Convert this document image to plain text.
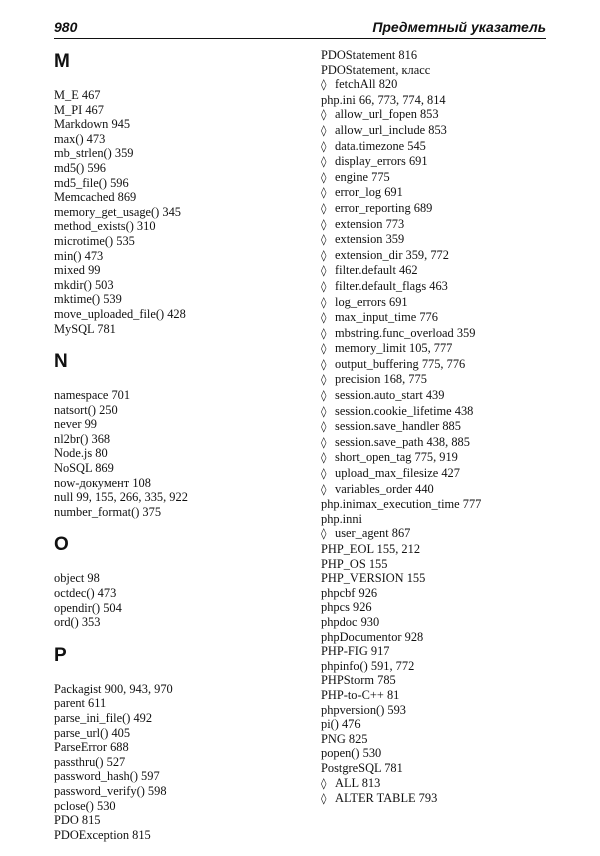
980	Предметный указатель
M
M_E 467
M_PI 467
Markdown 945
max() 473
mb_strlen() 359
md5() 596
md5_file() 596
Memcached 869
memory_get_usage() 345
method_exists() 310
microtime() 535
min() 473
mixed 99
mkdir() 503
mktime() 539
move_uploaded_file() 428
MySQL 781
N
namespace 701
natsort() 250
never 99
nl2br() 368
Node.js 80
NoSQL 869
now-документ 108
null 99, 155, 266, 335, 922
number_format() 375
O
object 98
octdec() 473
opendir() 504
ord() 353
P
Packagist 900, 943, 970
parent 611
parse_ini_file() 492
parse_url() 405
ParseError 688
passthru() 527
password_hash() 597
password_verify() 598
pclose() 530
PDO 815
PDOException 815
PDOStatement 816
PDOStatement, класс
◊ fetchAll 820
php.ini 66, 773, 774, 814
◊ allow_url_fopen 853
◊ allow_url_include 853
◊ data.timezone 545
◊ display_errors 691
◊ engine 775
◊ error_log 691
◊ error_reporting 689
◊ extension 773
◊ extension 359
◊ extension_dir 359, 772
◊ filter.default 462
◊ filter.default_flags 463
◊ log_errors 691
◊ max_input_time 776
◊ mbstring.func_overload 359
◊ memory_limit 105, 777
◊ output_buffering 775, 776
◊ precision 168, 775
◊ session.auto_start 439
◊ session.cookie_lifetime 438
◊ session.save_handler 885
◊ session.save_path 438, 885
◊ short_open_tag 775, 919
◊ upload_max_filesize 427
◊ variables_order 440
php.inimax_execution_time 777
php.inni
◊ user_agent 867
PHP_EOL 155, 212
PHP_OS 155
PHP_VERSION 155
phpcbf 926
phpcs 926
phpdoc 930
phpDocumentor 928
PHP-FIG 917
phpinfo() 591, 772
PHPStorm 785
PHP-to-C++ 81
phpversion() 593
pi() 476
PNG 825
popen() 530
PostgreSQL 781
◊ ALL 813
◊ ALTER TABLE 793
